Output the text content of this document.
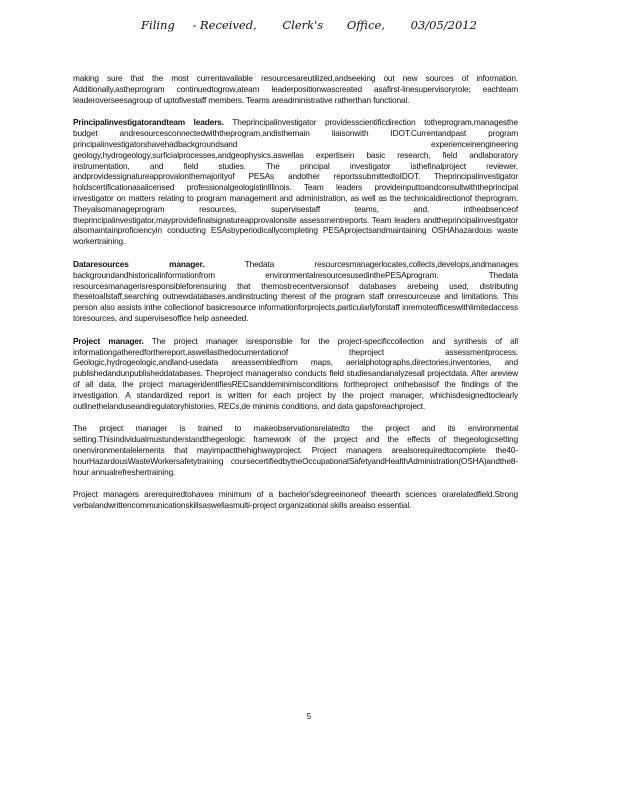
Filing - Received, Clerk's Office, 03/05/2012

making sure that the most currentavailable resourcesareutilized,andseeking out new sources of information. Additionally,astheprogram continuedtogrow,ateam leaderpositionwascreated asafirst-linesupervisoryrole; eachteam leaderoverseesagroup of uptofivestaff members. Teams areadministrative ratherthan functional.

Principalinvestigatorandteam leaders. Theprincipalinvestigator providesscientificdirection totheprogram,managesthe budget andresourcesconnectedwiththeprogram,andisthemain liaisonwith IDOT.Currentandpast program principalinvestigatorshavehadbackgroundsand experienceinengineering geology,hydrogeology,surficialprocesses,andgeophysics,aswellas expertisein basic research, field andlaboratory instrumentation, and field studies. The principal investigator isthefinalproject reviewer, andprovidessignatureapprovalonthemajorityof PESAs andother reportssubmittedtoIDOT. Theprincipalinvestigator holdscertificationasalicensed professionalgeologistinIllinois. Team leaders provideinputtoandconsultwiththeprincipal investigator on matters relating to program management and administration, as well as the technicaldirectionof theprogram. Theyalsomanageprogram resources, supervisestaff teams, and, intheabsenceof theprincipalinvestigator,mayprovidefinalsignatureapprovalonsite assessmentreports. Team leaders andtheprincipalinvestigator alsomaintainproficiencyin conducting ESAsbyperiodicallycompleting PESAprojectsandmaintaining OSHAhazardous waste workertraining.

Dataresources manager.	Thedata resourcesmanagerlocates,collects,develops,andmanages backgroundandhistoricalinformationfrom environmentalresourcesusedinthePESAprogram. Thedata resourcesmanagerisresponsibleforensuring that themostrecentversionsof databases arebeing used, distributing thesetoallstaff,searching outnewdatabases,andinstructing therest of the program staff onresourceuse and limitations. This person also assists inthe collectionof basicresource informationforprojects,particularlyforstaff inremoteofficeswithlimitedaccess toresources, and supervisesoffice help asneeded.

Project manager. The project manager isresponsible for the project-specificcollection and synthesis of all informationgatheredforthereport,aswellasthedocumentationof theproject assessmentprocess. Geologic,hydrogeologic,andland-usedata areassembledfrom maps, aerialphotographs,directories,inventories, and publishedandunpublisheddatabases. Theproject manageralso conducts field studiesandanalyzesall projectdata. After areview of all data, the project manageridentifiesRECsanddeminimisconditions fortheproject onthebasisof the findings of the investigation. A standardized report is written for each project by the project manager, whichisdesignedtoclearly outlinethelanduseandregulatoryhistories, RECs,de minimis conditions, and data gapsforeachproject.

The project manager is trained to makeobservationsrelatedto the project and its environmental setting.Thisindividualmustunderstandthegeologic framework of the project and the effects of thegeologicsetting onenvironmentalelements that mayimpactthehighwayproject. Project managers arealsorequiredtocomplete the40-hourHazardousWasteWorkersafetytraining coursecertifiedbytheOccupationalSafetyandHealthAdministration(OSHA)andthe8-hour annualrefreshertraining.

Project managers arerequiredtohavea minimum of a bachelor'sdegreeinoneof theearth sciences orarelatedfield.Strong verbalandwrittencommunicationskillsaswellasmulti-project organizational skills arealso essential.

5
